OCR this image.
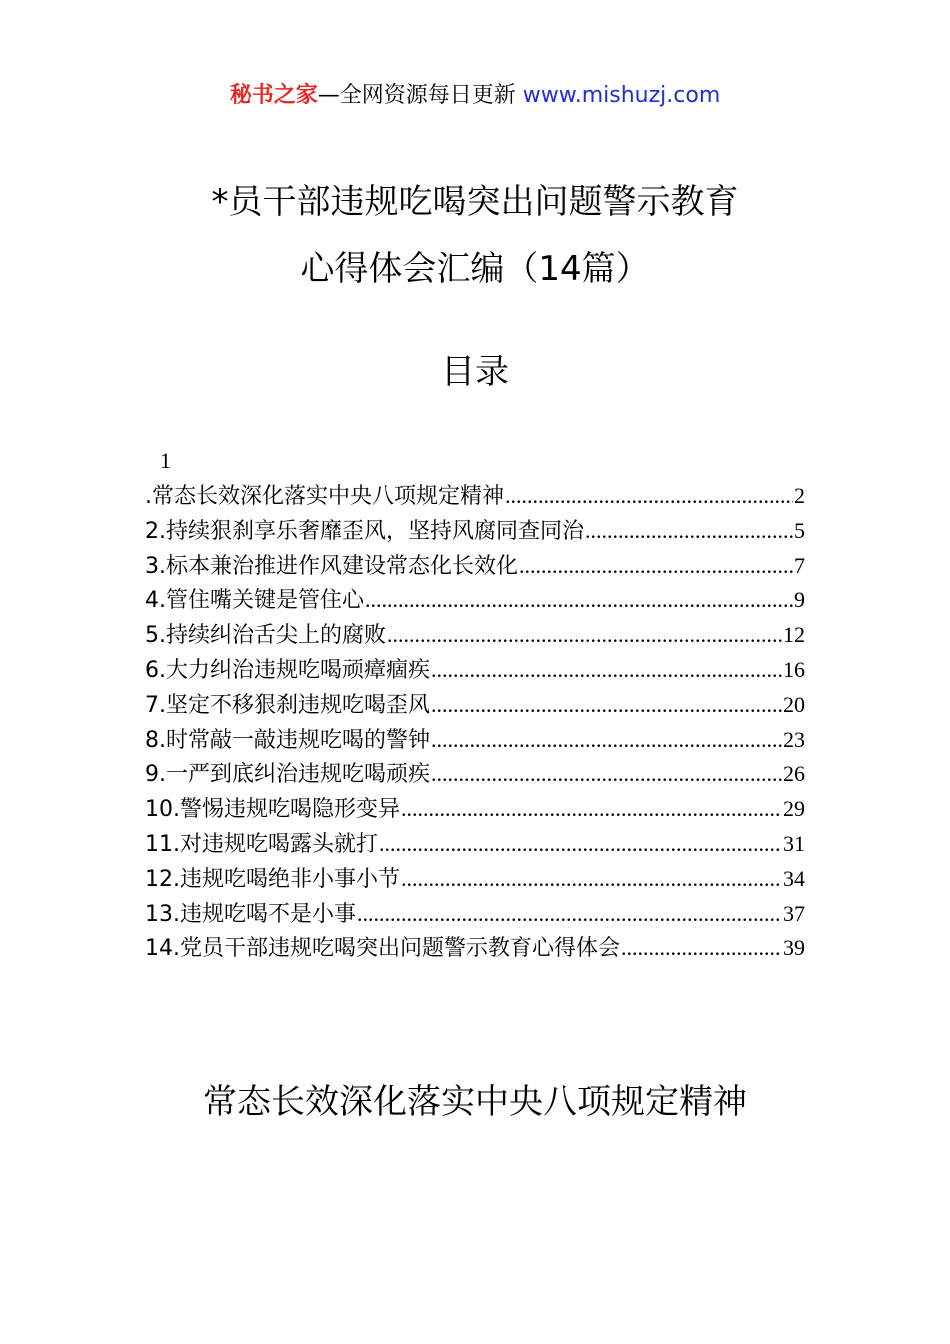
秘书之家—全网资源每日更新 www.mishuzj.com
*员干部违规吃喝突出问题警示教育
心得体会汇编（14篇）
目录
1
.常态长效深化落实中央八项规定精神 .....	2
2.持续狠刹享乐奢靡歪风，坚持风腐同查同治 .....	5
3.标本兼治推进作风建设常态化长效化 .....	7
4.管住嘴关键是管住心 .....	9
5.持续纠治舌尖上的腐败 .....	12
6.大力纠治违规吃喝顽瘴痼疾 .....	16
7.坚定不移狠刹违规吃喝歪风 .....	20
8.时常敲一敲违规吃喝的警钟 .....	23
9.一严到底纠治违规吃喝顽疾 .....	26
10.警惕违规吃喝隐形变异 .....	29
11.对违规吃喝露头就打 .....	31
12.违规吃喝绝非小事小节 .....	34
13.违规吃喝不是小事 .....	37
14.党员干部违规吃喝突出问题警示教育心得体会 .....	39
常态长效深化落实中央八项规定精神
